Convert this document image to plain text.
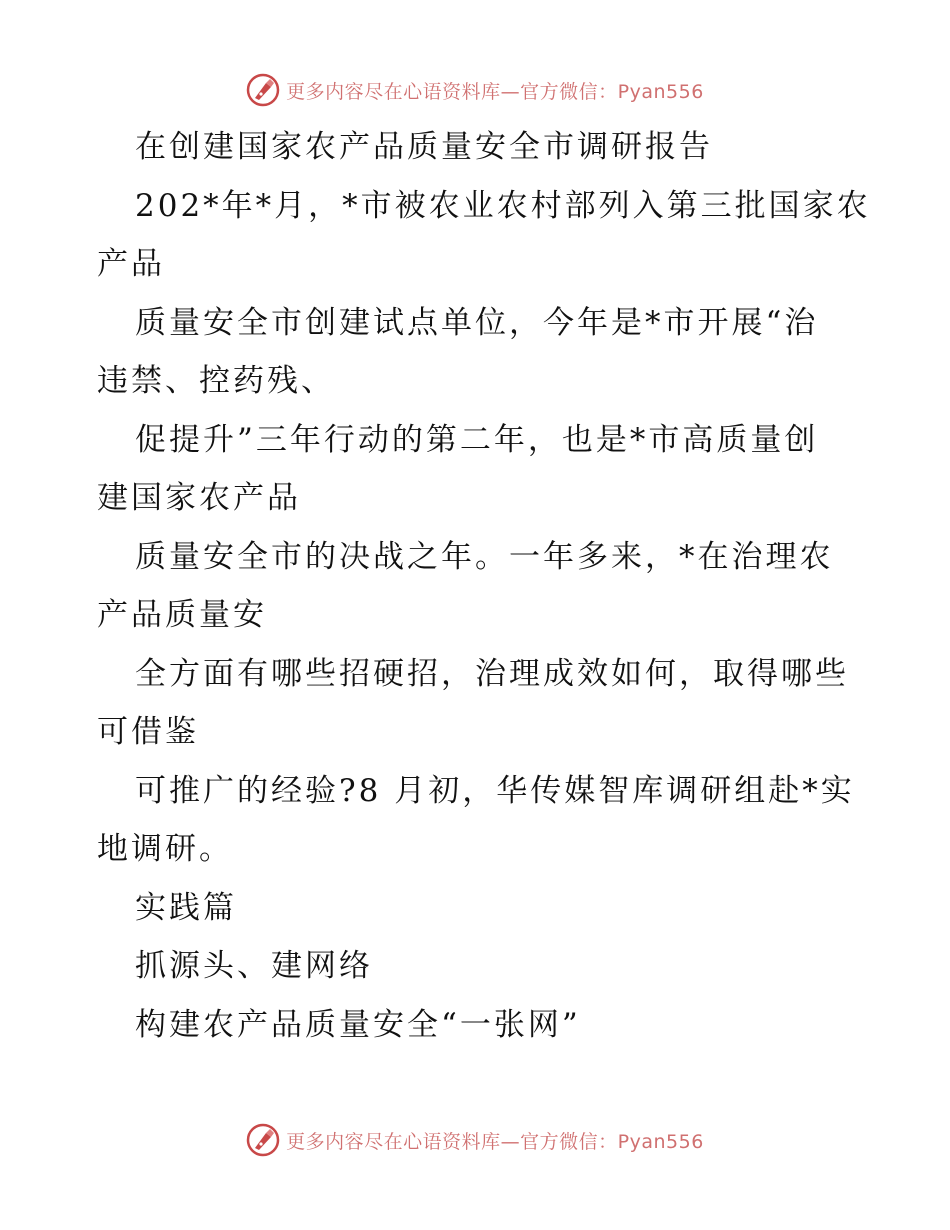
更多内容尽在心语资料库—官方微信：Pyan556
在创建国家农产品质量安全市调研报告
202*年*月，*市被农业农村部列入第三批国家农
产品
质量安全市创建试点单位，今年是*市开展“治
违禁、控药残、
促提升”三年行动的第二年，也是*市高质量创
建国家农产品
质量安全市的决战之年。一年多来，*在治理农
产品质量安
全方面有哪些招硬招，治理成效如何，取得哪些
可借鉴
可推广的经验?8 月初，华传媒智库调研组赴*实
地调研。
实践篇
抓源头、建网络
构建农产品质量安全“一张网”
更多内容尽在心语资料库—官方微信：Pyan556
